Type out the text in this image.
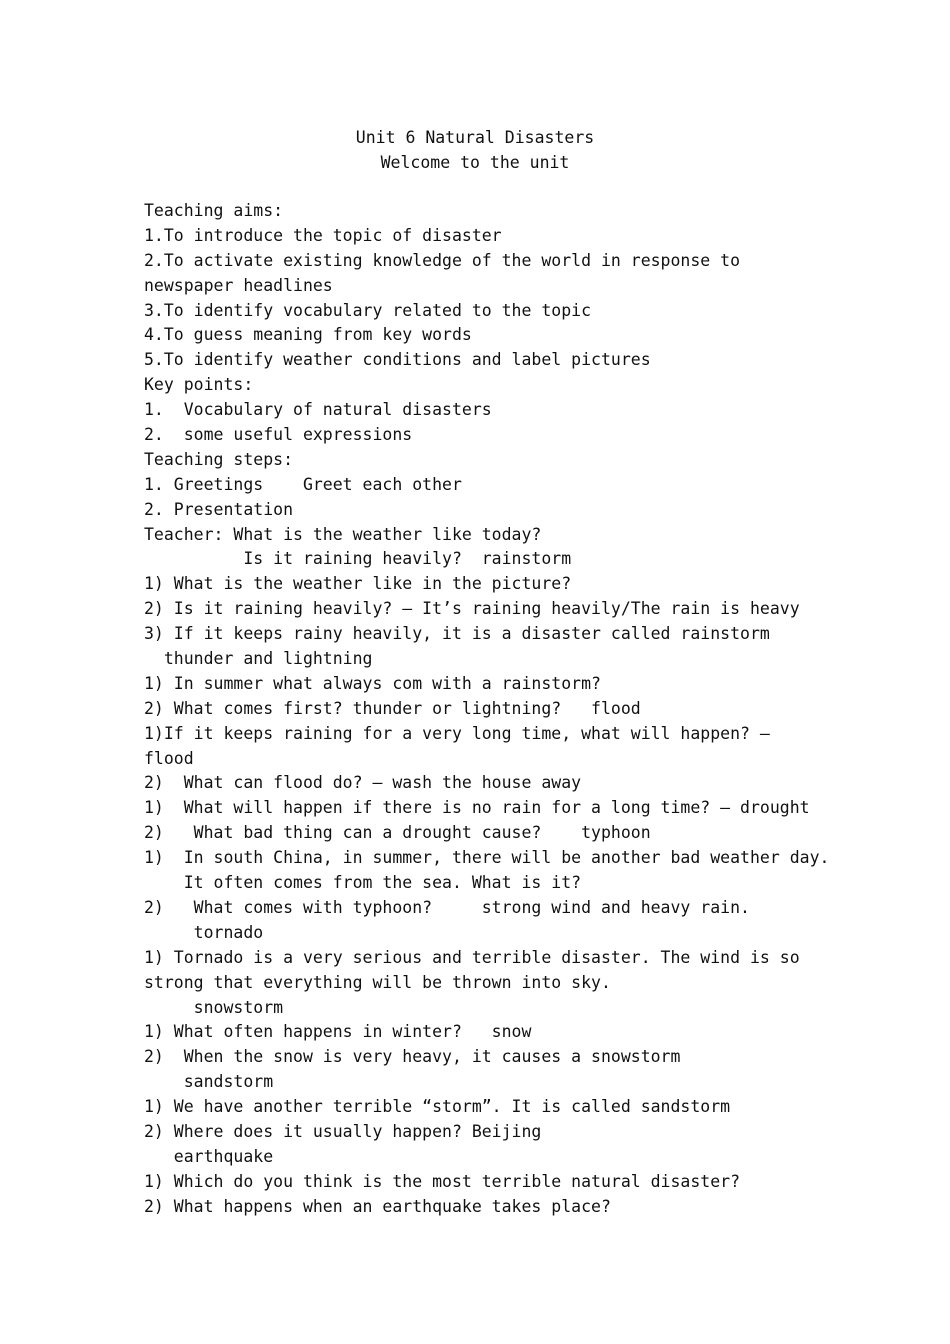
Unit 6 Natural Disasters
Welcome to the unit
Teaching aims:
1.To introduce the topic of disaster
2.To activate existing knowledge of the world in response to
newspaper headlines
3.To identify vocabulary related to the topic
4.To guess meaning from key words
5.To identify weather conditions and label pictures
Key points:
1.  Vocabulary of natural disasters
2.  some useful expressions
Teaching steps:
1. Greetings    Greet each other
2. Presentation
Teacher: What is the weather like today?
Is it raining heavily?  rainstorm
1) What is the weather like in the picture?
2) Is it raining heavily? – It’s raining heavily/The rain is heavy
3) If it keeps rainy heavily, it is a disaster called rainstorm
thunder and lightning
1) In summer what always com with a rainstorm?
2) What comes first? thunder or lightning?   flood
1)If it keeps raining for a very long time, what will happen? –
flood
2)  What can flood do? – wash the house away
1)  What will happen if there is no rain for a long time? – drought
2)   What bad thing can a drought cause?    typhoon
1)  In south China, in summer, there will be another bad weather day.
It often comes from the sea. What is it?
2)   What comes with typhoon?     strong wind and heavy rain.
tornado
1) Tornado is a very serious and terrible disaster. The wind is so
strong that everything will be thrown into sky.
snowstorm
1) What often happens in winter?   snow
2)  When the snow is very heavy, it causes a snowstorm
sandstorm
1) We have another terrible “storm”. It is called sandstorm
2) Where does it usually happen? Beijing
earthquake
1) Which do you think is the most terrible natural disaster?
2) What happens when an earthquake takes place?
